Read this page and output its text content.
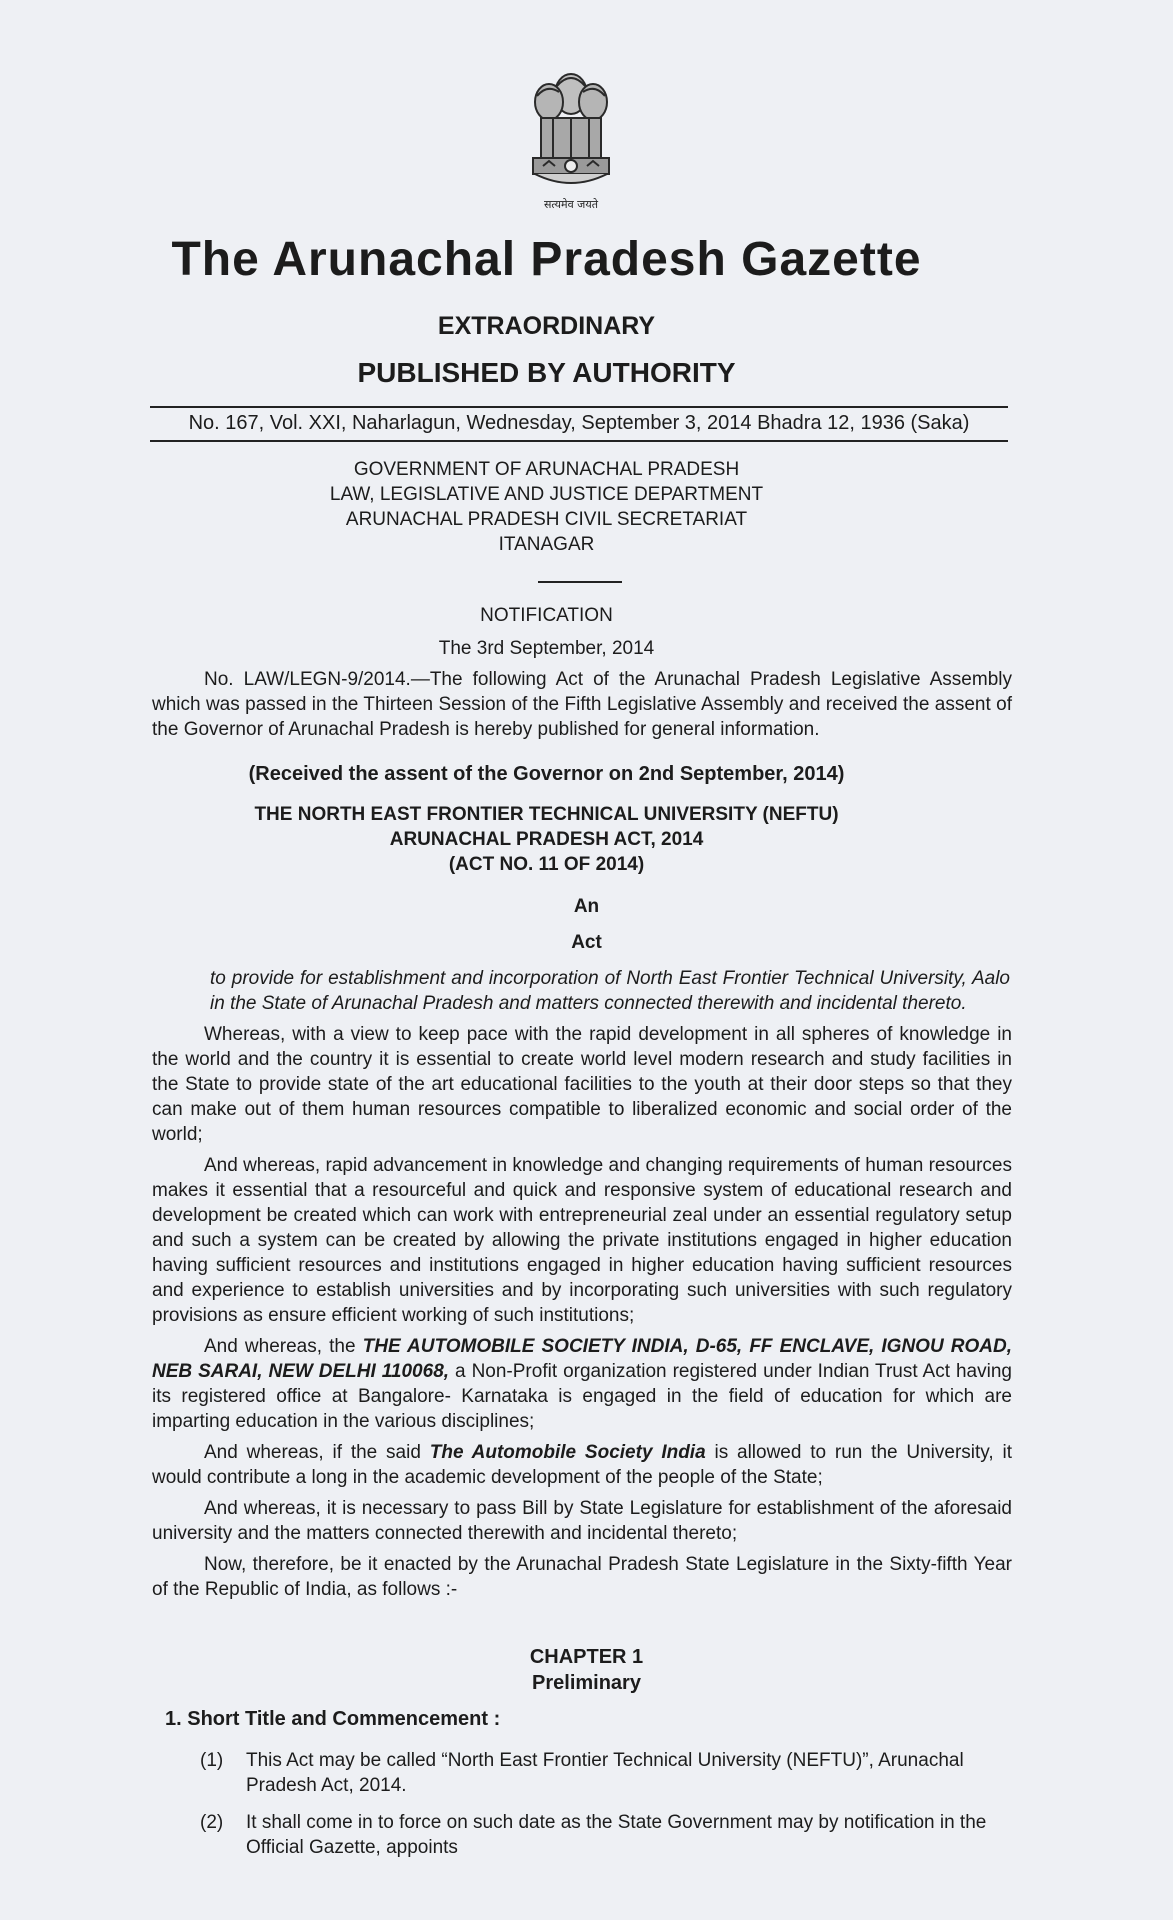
सत्यमेव जयते
The Arunachal Pradesh Gazette
EXTRAORDINARY
PUBLISHED BY AUTHORITY
No. 167, Vol. XXI, Naharlagun, Wednesday, September 3, 2014 Bhadra 12, 1936 (Saka)
GOVERNMENT OF ARUNACHAL PRADESH
LAW, LEGISLATIVE AND JUSTICE DEPARTMENT
ARUNACHAL PRADESH CIVIL SECRETARIAT
ITANAGAR
NOTIFICATION
The 3rd September, 2014

No. LAW/LEGN-9/2014.—The following Act of the Arunachal Pradesh Legislative Assembly which was passed in the Thirteen Session of the Fifth Legislative Assembly and received the assent of the Governor of Arunachal Pradesh is hereby published for general information.

(Received the assent of the Governor on 2nd September, 2014)
THE NORTH EAST FRONTIER TECHNICAL UNIVERSITY (NEFTU)
ARUNACHAL PRADESH ACT, 2014
(ACT NO. 11 OF 2014)
An
Act

to provide for establishment and incorporation of North East Frontier Technical University, Aalo in the State of Arunachal Pradesh and matters connected therewith and incidental thereto.

Whereas, with a view to keep pace with the rapid development in all spheres of knowledge in the world and the country it is essential to create world level modern research and study facilities in the State to provide state of the art educational facilities to the youth at their door steps so that they can make out of them human resources compatible to liberalized economic and social order of the world;

And whereas, rapid advancement in knowledge and changing requirements of human resources makes it essential that a resourceful and quick and responsive system of educational research and development be created which can work with entrepreneurial zeal under an essential regulatory setup and such a system can be created by allowing the private institutions engaged in higher education having sufficient resources and institutions engaged in higher education having sufficient resources and experience to establish universities and by incorporating such universities with such regulatory provisions as ensure efficient working of such institutions;

And whereas, the THE AUTOMOBILE SOCIETY INDIA, D-65, FF ENCLAVE, IGNOU ROAD, NEB SARAI, NEW DELHI 110068, a Non-Profit organization registered under Indian Trust Act having its registered office at Bangalore- Karnataka is engaged in the field of education for which are imparting education in the various disciplines;

And whereas, if the said The Automobile Society India is allowed to run the University, it would contribute a long in the academic development of the people of the State;

And whereas, it is necessary to pass Bill by State Legislature for establishment of the aforesaid university and the matters connected therewith and incidental thereto;

Now, therefore, be it enacted by the Arunachal Pradesh State Legislature in the Sixty-fifth Year of the Republic of India, as follows :-

CHAPTER 1
Preliminary
1. Short Title and Commencement :
(1) This Act may be called “North East Frontier Technical University (NEFTU)”, Arunachal Pradesh Act, 2014.
(2) It shall come in to force on such date as the State Government may by notification in the Official Gazette, appoints
